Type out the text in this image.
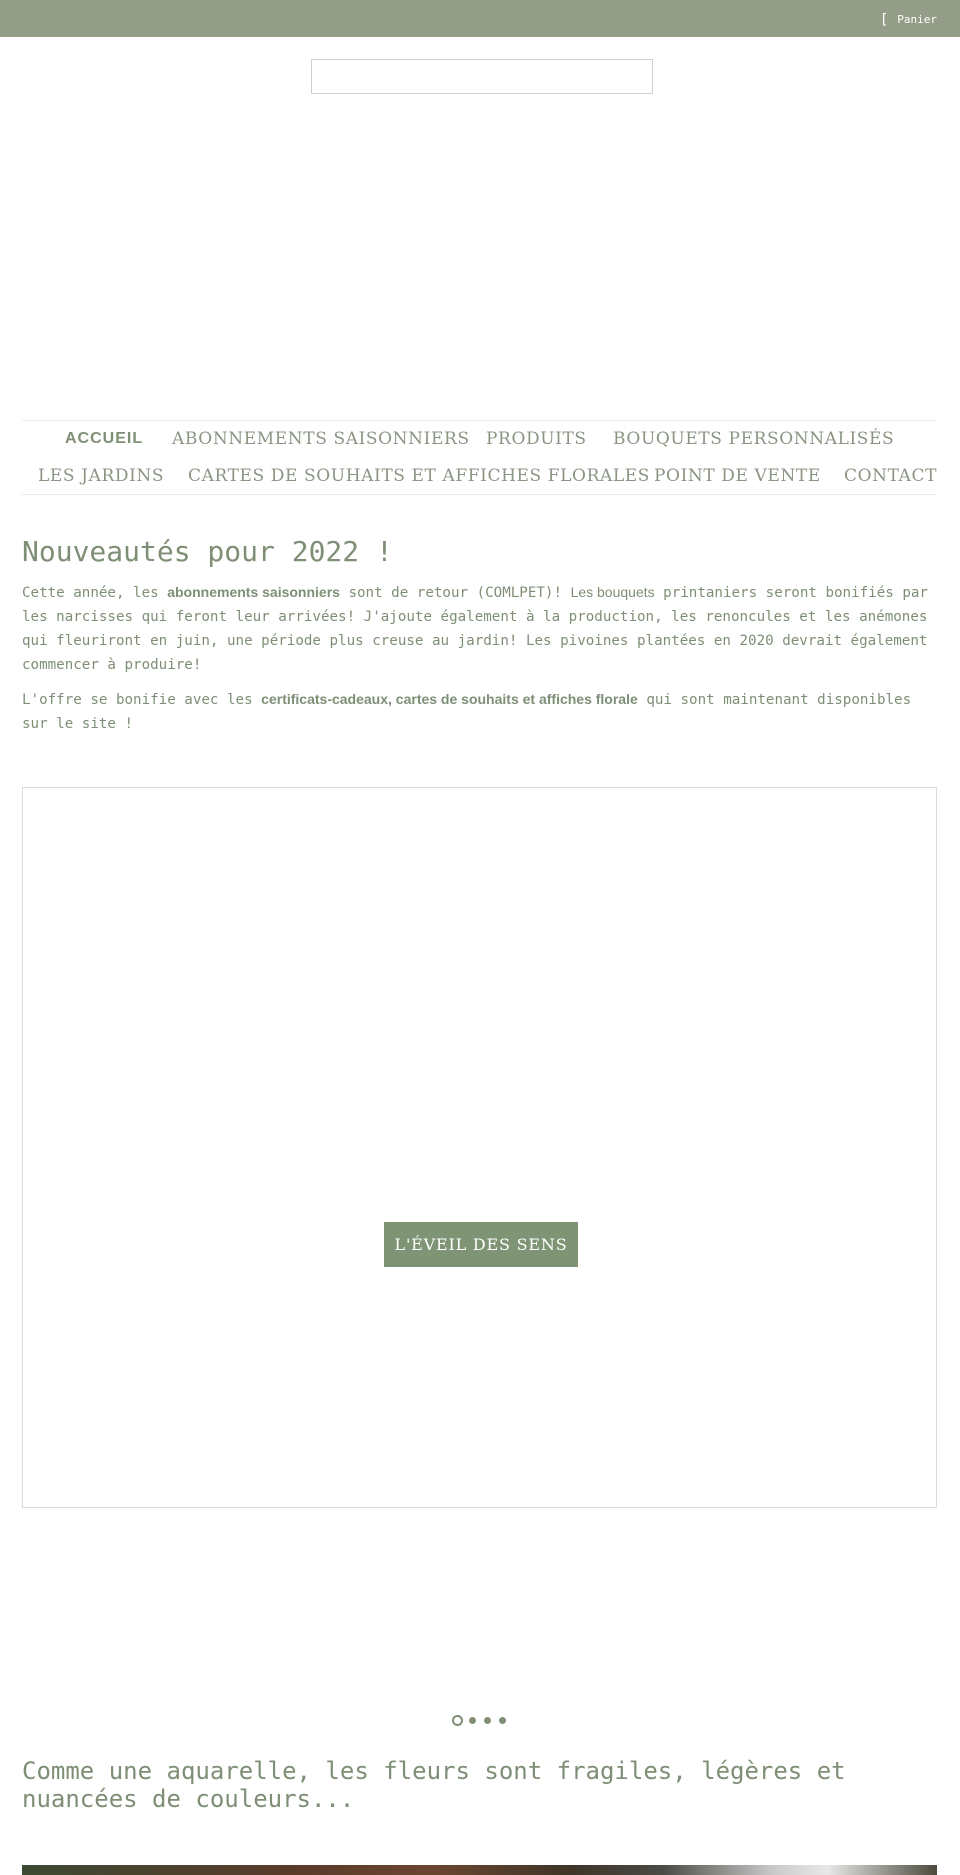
[ Panier
ACCUEIL ABONNEMENTS SAISONNIERS PRODUITS BOUQUETS PERSONNALISÉS
LES JARDINS CARTES DE SOUHAITS ET AFFICHES FLORALES POINT DE VENTE CONTACT
Nouveautés pour 2022 !

Cette année, les abonnements saisonniers sont de retour (COMLPET)! Les bouquets printaniers seront bonifiés par les narcisses qui feront leur arrivées! J'ajoute également à la production, les renoncules et les anémones qui fleuriront en juin, une période plus creuse au jardin! Les pivoines plantées en 2020 devrait également commencer à produire!

L'offre se bonifie avec les certificats-cadeaux, cartes de souhaits et affiches florale qui sont maintenant disponibles sur le site !

L'ÉVEIL DES SENS
Comme une aquarelle, les fleurs sont fragiles, légères et nuancées de couleurs...
